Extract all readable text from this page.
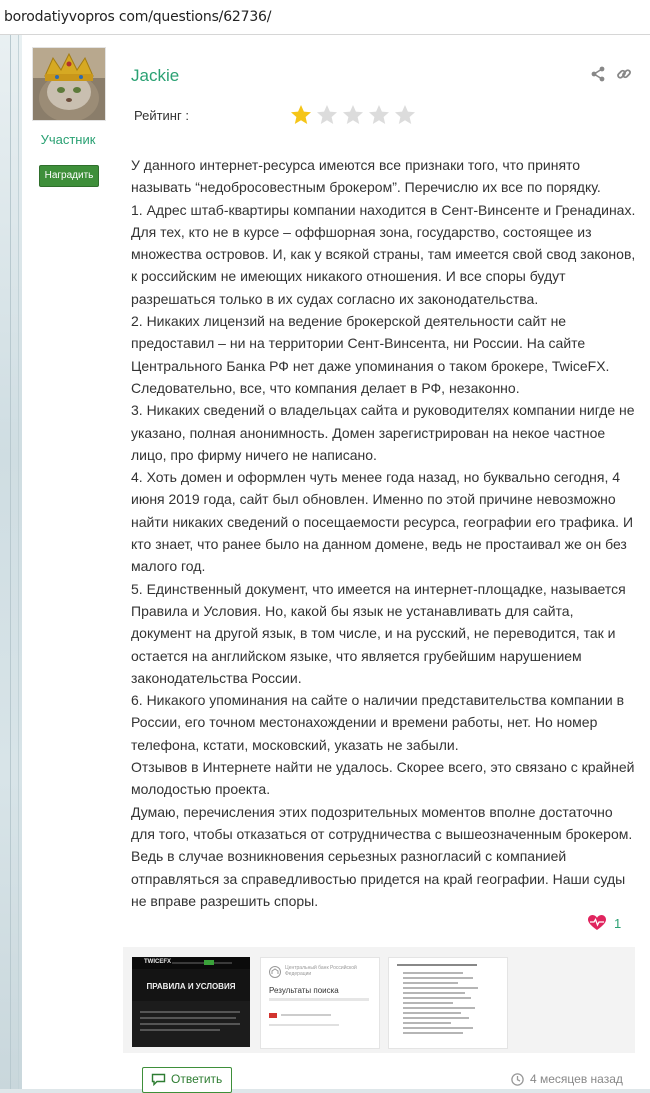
borodatiyvopros com/questions/62736/
Участник
Наградить
Jackie
Рейтинг :

У данного интернет-ресурса имеются все признаки того, что принято называть “недобросовестным брокером”. Перечислю их все по порядку.

1. Адрес штаб-квартиры компании находится в Сент-Винсенте и Гренадинах. Для тех, кто не в курсе – оффшорная зона, государство, состоящее из множества островов. И, как у всякой страны, там имеется свой свод законов, к российским не имеющих никакого отношения. И все споры будут разрешаться только в их судах согласно их законодательства.

2. Никаких лицензий на ведение брокерской деятельности сайт не предоставил – ни на территории Сент-Винсента, ни России. На сайте Центрального Банка РФ нет даже упоминания о таком брокере, TwiceFX. Следовательно, все, что компания делает в РФ, незаконно.

3. Никаких сведений о владельцах сайта и руководителях компании нигде не указано, полная анонимность. Домен зарегистрирован на некое частное лицо, про фирму ничего не написано.

4. Хоть домен и оформлен чуть менее года назад, но буквально сегодня, 4 июня 2019 года, сайт был обновлен. Именно по этой причине невозможно найти никаких сведений о посещаемости ресурса, географии его трафика. И кто знает, что ранее было на данном домене, ведь не простаивал же он без малого год.

5. Единственный документ, что имеется на интернет-площадке, называется Правила и Условия. Но, какой бы язык не устанавливать для сайта, документ на другой язык, в том числе, и на русский, не переводится, так и остается на английском языке, что является грубейшим нарушением законодательства России.

6. Никакого упоминания на сайте о наличии представительства компании в России, его точном местонахождении и времени работы, нет. Но номер телефона, кстати, московский, указать не забыли.

Отзывов в Интернете найти не удалось. Скорее всего, это связано с крайней молодостью проекта.

Думаю, перечисления этих подозрительных моментов вполне достаточно для того, чтобы отказаться от сотрудничества с вышеозначенным брокером. Ведь в случае возникновения серьезных разногласий с компанией отправляться за справедливостью придется на край географии. Наши суды не вправе разрешить споры.

1
TWICEFX
ПРАВИЛА И УСЛОВИЯ
Центральный банк Российской Федерации
Результаты поиска
Ответить	4 месяцев назад
